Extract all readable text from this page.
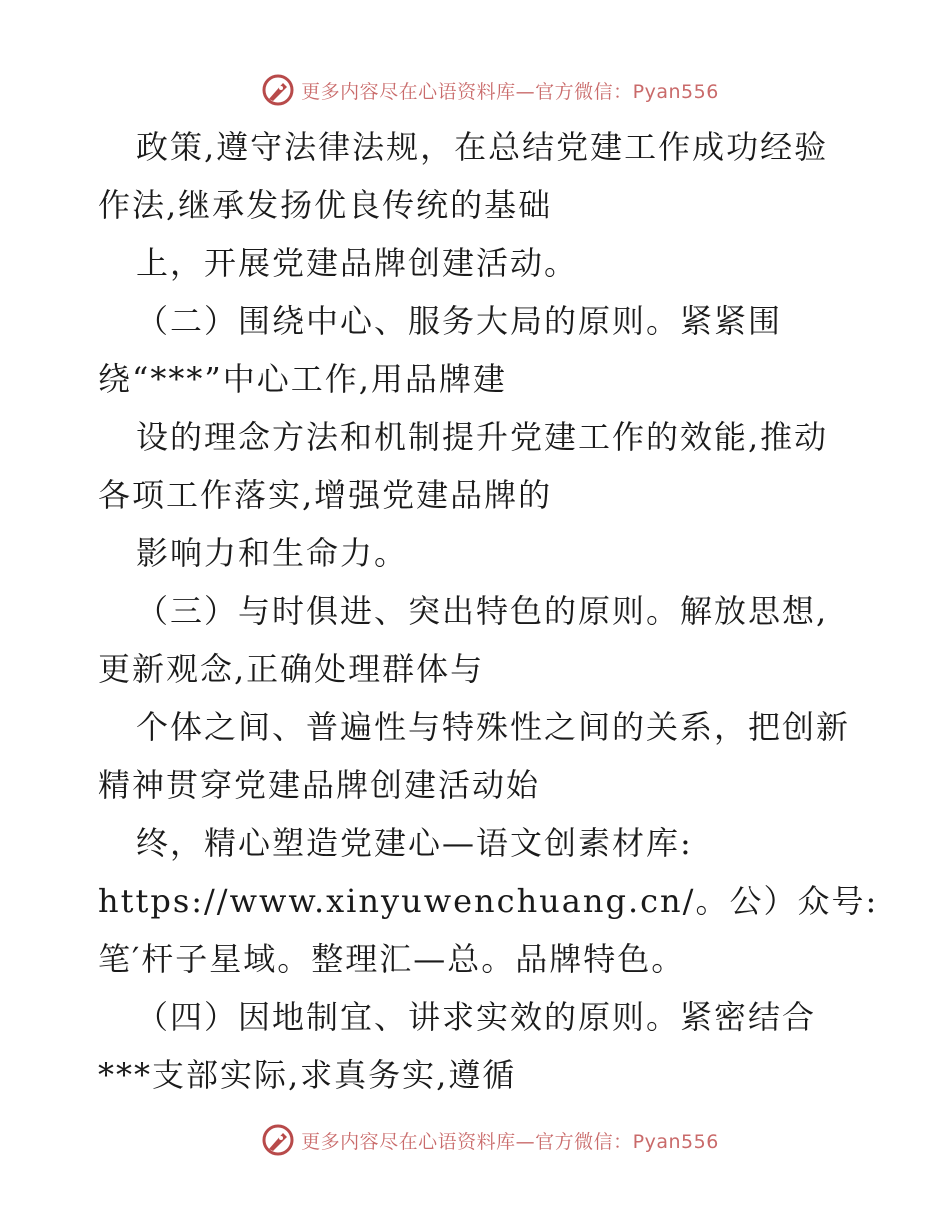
更多内容尽在心语资料库—官方微信：Pyan556
政策,遵守法律法规，在总结党建工作成功经验
作法,继承发扬优良传统的基础
上，开展党建品牌创建活动。
（二）围绕中心、服务大局的原则。紧紧围
绕“***”中心工作,用品牌建
设的理念方法和机制提升党建工作的效能,推动
各项工作落实,增强党建品牌的
影响力和生命力。
（三）与时俱进、突出特色的原则。解放思想,
更新观念,正确处理群体与
个体之间、普遍性与特殊性之间的关系，把创新
精神贯穿党建品牌创建活动始
终，精心塑造党建心—语文创素材库:
https://www.xinyuwenchuang.cn/。公）众号:
笔′杆子星域。整理汇—总。品牌特色。
（四）因地制宜、讲求实效的原则。紧密结合
***支部实际,求真务实,遵循
更多内容尽在心语资料库—官方微信：Pyan556
